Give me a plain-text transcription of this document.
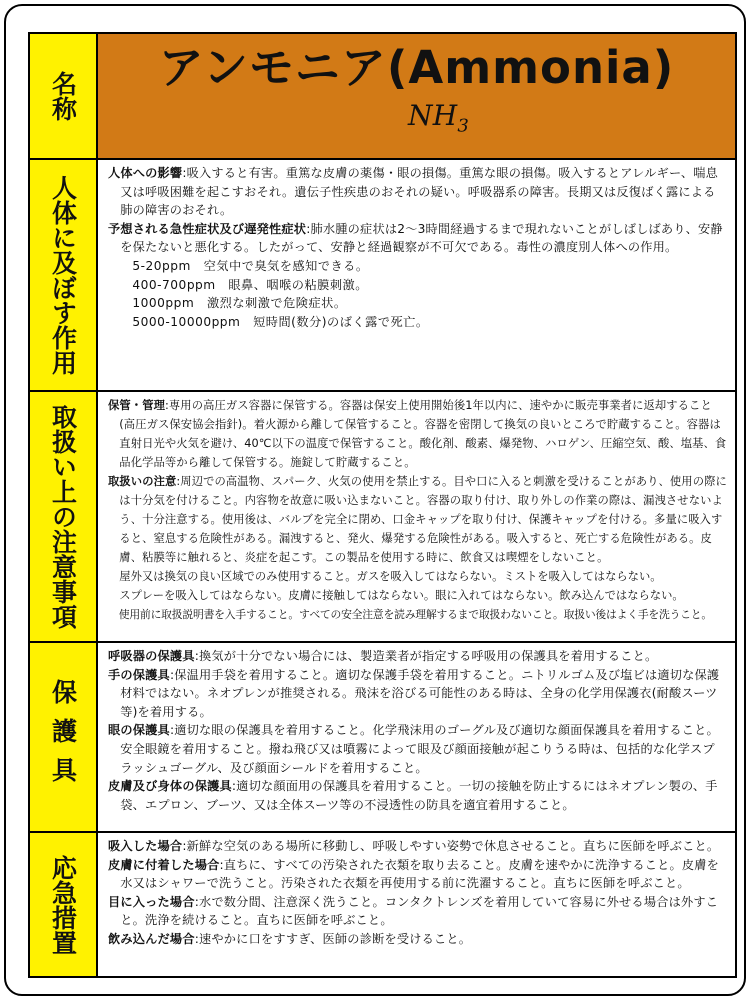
名称
アンモニア(Ammonia)
$NH_3$
人体に及ぼす作用

人体への影響:吸入すると有害。重篤な皮膚の薬傷・眼の損傷。重篤な眼の損傷。吸入するとアレルギー、喘息又は呼吸困難を起こすおそれ。遺伝子性疾患のおそれの疑い。呼吸器系の障害。長期又は反復ばく露による肺の障害のおそれ。

予想される急性症状及び遅発性症状:肺水腫の症状は2〜3時間経過するまで現れないことがしばしばあり、安静を保たないと悪化する。したがって、安静と経過観察が不可欠である。毒性の濃度別人体への作用。

5-20ppm　空気中で臭気を感知できる。

400-700ppm　眼鼻、咽喉の粘膜刺激。

1000ppm　激烈な刺激で危険症状。

5000-10000ppm　短時間(数分)のばく露で死亡。

取扱い上の注意事項	保管・管理:専用の高圧ガス容器に保管する。容器は保安上使用開始後1年以内に、速やかに販売事業者に返却すること(高圧ガス保安協会指針)。着火源から離して保管すること。容器を密閉して換気の良いところで貯蔵すること。容器は直射日光や火気を避け、40℃以下の温度で保管すること。酸化剤、酸素、爆発物、ハロゲン、圧縮空気、酸、塩基、食品化学品等から離して保管する。施錠して貯蔵すること。

取扱いの注意:周辺での高温物、スパーク、火気の使用を禁止する。目や口に入ると刺激を受けることがあり、使用の際には十分気を付けること。内容物を故意に吸い込まないこと。容器の取り付け、取り外しの作業の際は、漏洩させないよう、十分注意する。使用後は、バルブを完全に閉め、口金キャップを取り付け、保護キャップを付ける。多量に吸入すると、窒息する危険性がある。漏洩すると、発火、爆発する危険性がある。吸入すると、死亡する危険性がある。皮膚、粘膜等に触れると、炎症を起こす。この製品を使用する時に、飲食又は喫煙をしないこと。

屋外又は換気の良い区域でのみ使用すること。ガスを吸入してはならない。ミストを吸入してはならない。

スプレーを吸入してはならない。皮膚に接触してはならない。眼に入れてはならない。飲み込んではならない。

使用前に取扱説明書を入手すること。すべての安全注意を読み理解するまで取扱わないこと。取扱い後はよく手を洗うこと。

保護具

呼吸器の保護具:換気が十分でない場合には、製造業者が指定する呼吸用の保護具を着用すること。

手の保護具:保温用手袋を着用すること。適切な保護手袋を着用すること。ニトリルゴム及び塩ビは適切な保護材料ではない。ネオプレンが推奨される。飛沫を浴びる可能性のある時は、全身の化学用保護衣(耐酸スーツ等)を着用する。

眼の保護具:適切な眼の保護具を着用すること。化学飛沫用のゴーグル及び適切な顔面保護具を着用すること。安全眼鏡を着用すること。撥ね飛び又は噴霧によって眼及び顔面接触が起こりうる時は、包括的な化学スプラッシュゴーグル、及び顔面シールドを着用すること。

皮膚及び身体の保護具:適切な顔面用の保護具を着用すること。一切の接触を防止するにはネオプレン製の、手袋、エプロン、ブーツ、又は全体スーツ等の不浸透性の防具を適宜着用すること。

応急措置

吸入した場合:新鮮な空気のある場所に移動し、呼吸しやすい姿勢で休息させること。直ちに医師を呼ぶこと。

皮膚に付着した場合:直ちに、すべての汚染された衣類を取り去ること。皮膚を速やかに洗浄すること。皮膚を水又はシャワーで洗うこと。汚染された衣類を再使用する前に洗濯すること。直ちに医師を呼ぶこと。

目に入った場合:水で数分間、注意深く洗うこと。コンタクトレンズを着用していて容易に外せる場合は外すこと。洗浄を続けること。直ちに医師を呼ぶこと。

飲み込んだ場合:速やかに口をすすぎ、医師の診断を受けること。
